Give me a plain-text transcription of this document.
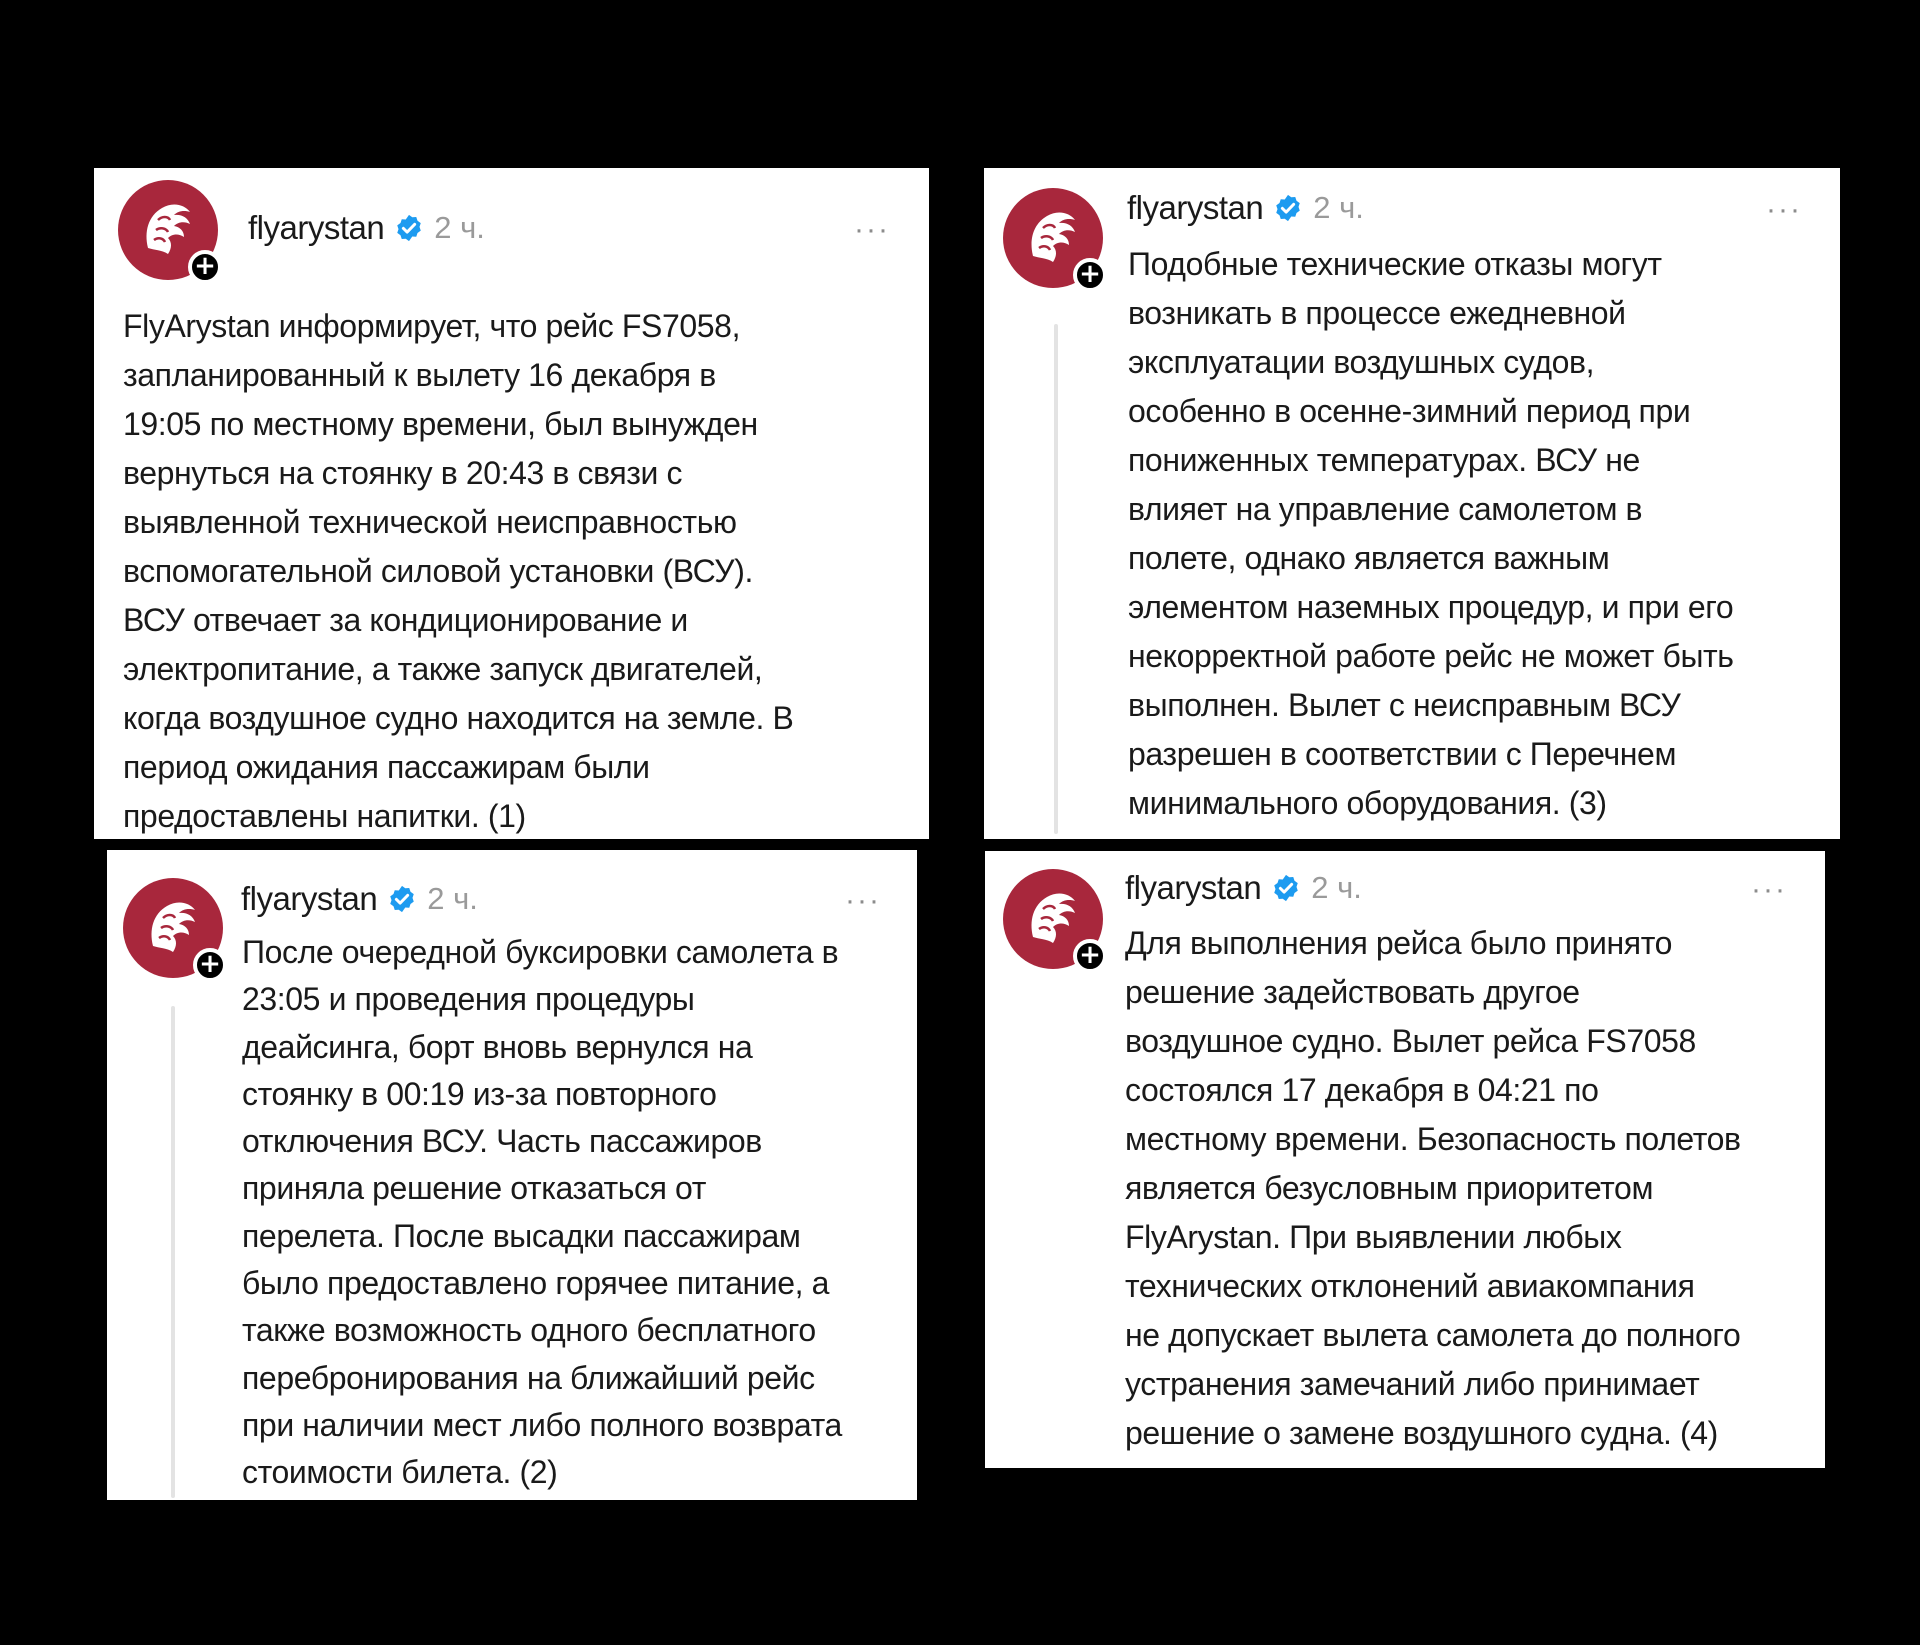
+
flyarystan 2 ч.	···
FlyArystan информирует, что рейс FS7058,
запланированный к вылету 16 декабря в
19:05 по местному времени, был вынужден
вернуться на стоянку в 20:43 в связи с
выявленной технической неисправностью
вспомогательной силовой установки (ВСУ).
ВСУ отвечает за кондиционирование и
электропитание, а также запуск двигателей,
когда воздушное судно находится на земле. В
период ожидания пассажирам были
предоставлены напитки. (1)
+
flyarystan 2 ч.	···
Подобные технические отказы могут
возникать в процессе ежедневной
эксплуатации воздушных судов,
особенно в осенне-зимний период при
пониженных температурах. ВСУ не
влияет на управление самолетом в
полете, однако является важным
элементом наземных процедур, и при его
некорректной работе рейс не может быть
выполнен. Вылет с неисправным ВСУ
разрешен в соответствии с Перечнем
минимального оборудования. (3)
+
flyarystan 2 ч.	···
После очередной буксировки самолета в
23:05 и проведения процедуры
деайсинга, борт вновь вернулся на
стоянку в 00:19 из-за повторного
отключения ВСУ. Часть пассажиров
приняла решение отказаться от
перелета. После высадки пассажирам
было предоставлено горячее питание, а
также возможность одного бесплатного
перебронирования на ближайший рейс
при наличии мест либо полного возврата
стоимости билета. (2)
+
flyarystan 2 ч.	···
Для выполнения рейса было принято
решение задействовать другое
воздушное судно. Вылет рейса FS7058
состоялся 17 декабря в 04:21 по
местному времени. Безопасность полетов
является безусловным приоритетом
FlyArystan. При выявлении любых
технических отклонений авиакомпания
не допускает вылета самолета до полного
устранения замечаний либо принимает
решение о замене воздушного судна. (4)
